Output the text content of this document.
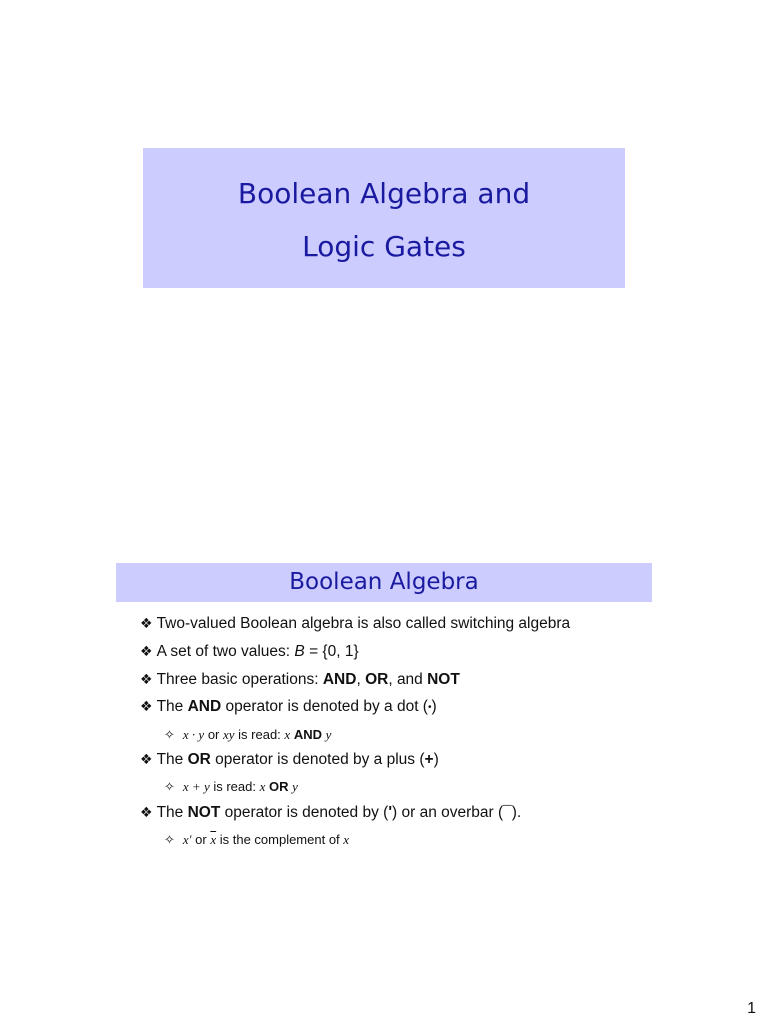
Boolean Algebra and
Logic Gates
Boolean Algebra
❖ Two-valued Boolean algebra is also called switching algebra
❖ A set of two values: B = {0, 1}
❖ Three basic operations: AND, OR, and NOT
❖ The AND operator is denoted by a dot (•)
✧ x · y or xy is read: x AND y
❖ The OR operator is denoted by a plus (+)
✧ x + y is read: x OR y
❖ The NOT operator is denoted by (') or an overbar (¯).
✧ x′ or $\overline{x}$ is the complement of x
1
